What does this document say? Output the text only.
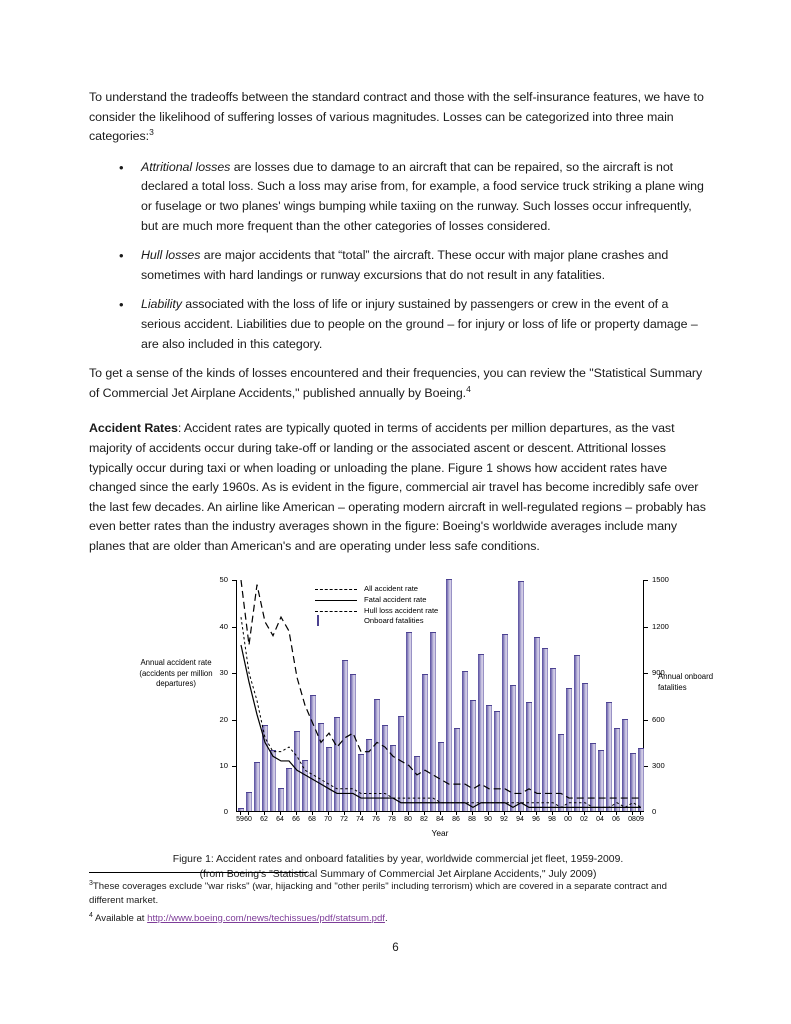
To understand the tradeoffs between the standard contract and those with the self-insurance features, we have to consider the likelihood of suffering losses of various magnitudes. Losses can be categorized into three main categories:$^3$

• Attritional losses are losses due to damage to an aircraft that can be repaired, so the aircraft is not declared a total loss. Such a loss may arise from, for example, a food service truck striking a plane wing or fuselage or two planes' wings bumping while taxiing on the runway. Such losses occur infrequently, but are much more frequent than the other categories of losses considered.
• Hull losses are major accidents that “total” the aircraft. These occur with major plane crashes and sometimes with hard landings or runway excursions that do not result in any fatalities.
• Liability associated with the loss of life or injury sustained by passengers or crew in the event of a serious accident. Liabilities due to people on the ground – for injury or loss of life or property damage – are also included in this category.

To get a sense of the kinds of losses encountered and their frequencies, you can review the "Statistical Summary of Commercial Jet Airplane Accidents," published annually by Boeing.$^4$

Accident Rates: Accident rates are typically quoted in terms of accidents per million departures, as the vast majority of accidents occur during take-off or landing or the associated ascent or descent. Attritional losses typically occur during taxi or when loading or unloading the plane. Figure 1 shows how accident rates have changed since the early 1960s. As is evident in the figure, commercial air travel has become incredibly safe over the last few decades. An airline like American – operating modern aircraft in well-regulated regions – probably has even better rates than the industry averages shown in the figure: Boeing's worldwide averages include many planes that are older than American's and are operating under less safe conditions.

Annual accident rate (accidents per million departures)
Annual onboard fatalities
0
10
20
30
40
50
0
300
600
900
1200
1500
59 60	62	64	66	68	70	72	74	76	78	80	82	84	86	88	90	92	94	96	98	00	02	04	06	08 09
Year
All accident rate
Fatal accident rate
Hull loss accident rate
Onboard fatalities
Figure 1: Accident rates and onboard fatalities by year, worldwide commercial jet fleet, 1959-2009.
(from Boeing's "Statistical Summary of Commercial Jet Airplane Accidents," July 2009)

$^3$These coverages exclude "war risks" (war, hijacking and "other perils" including terrorism) which are covered in a separate contract and different market.

$^4$ Available at http://www.boeing.com/news/techissues/pdf/statsum.pdf.

6
